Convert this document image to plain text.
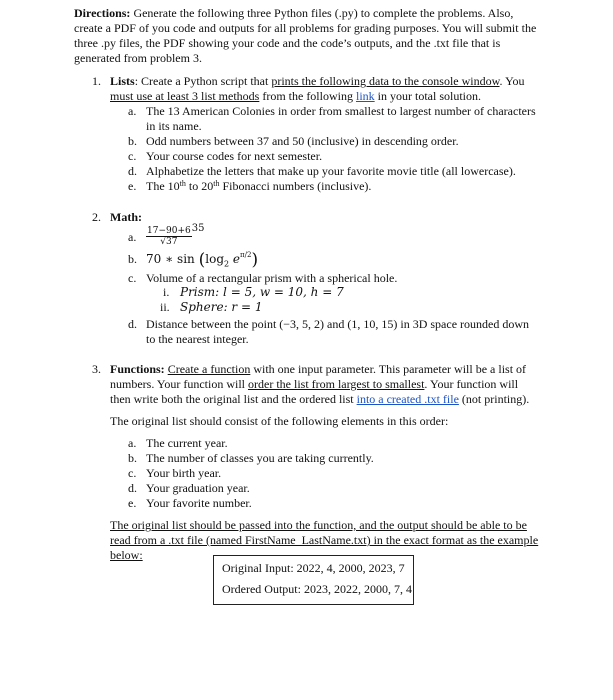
Directions: Generate the following three Python files (.py) to complete the problems. Also,
create a PDF of you code and outputs for all problems for grading purposes. You will submit the
three .py files, the PDF showing your code and the code’s outputs, and the .txt file that is
generated from problem 3.
1. Lists: Create a Python script that prints the following data to the console window. You
must use at least 3 list methods from the following link in your total solution.
a. The 13 American Colonies in order from smallest to largest number of characters
in its name.
b. Odd numbers between 37 and 50 (inclusive) in descending order.
c. Your course codes for next semester.
d. Alphabetize the letters that make up your favorite movie title (all lowercase).
e. The 10th to 20th Fibonacci numbers (inclusive).
2. Math:
a. $\frac{17-90+6}{√37} ^{35}$
b. 70 ∗ $\sin (\log_2$ $e^{\pi/2}$)
c. Volume of a rectangular prism with a spherical hole.
i. Prism: l = 5, w = 10, h = 7
ii. Sphere: r = 1
d. Distance between the point (−3, 5, 2) and (1, 10, 15) in 3D space rounded down
to the nearest integer.
3. Functions: Create a function with one input parameter. This parameter will be a list of
numbers. Your function will order the list from largest to smallest. Your function will
then write both the original list and the ordered list into a created .txt file (not printing).
The original list should consist of the following elements in this order:
a. The current year.
b. The number of classes you are taking currently.
c. Your birth year.
d. Your graduation year.
e. Your favorite number.
The original list should be passed into the function, and the output should be able to be
read from a .txt file (named FirstName_LastName.txt) in the exact format as the example
below:
Original Input: 2022, 4, 2000, 2023, 7
Ordered Output: 2023, 2022, 2000, 7, 4
